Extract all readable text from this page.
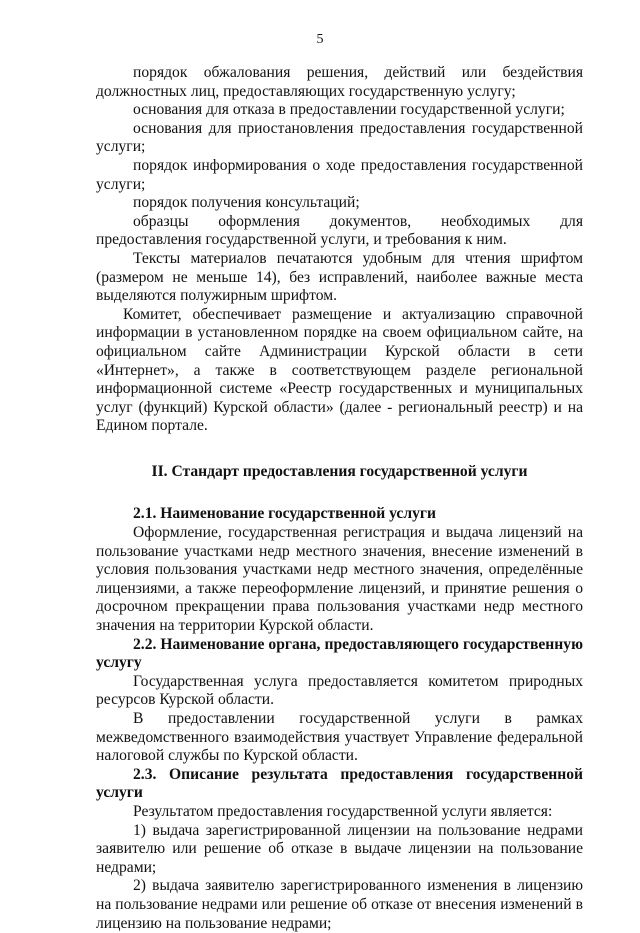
5

порядок обжалования решения, действий или бездействия должностных лиц, предоставляющих государственную услугу;

основания для отказа в предоставлении государственной услуги;

основания для приостановления предоставления государственной услуги;

порядок информирования о ходе предоставления государственной услуги;

порядок получения консультаций;

образцы оформления документов, необходимых для предоставления государственной услуги, и требования к ним.

Тексты материалов печатаются удобным для чтения шрифтом (размером не меньше 14), без исправлений, наиболее важные места выделяются полужирным шрифтом.

Комитет, обеспечивает размещение и актуализацию справочной информации в установленном порядке на своем официальном сайте, на официальном сайте Администрации Курской области в сети «Интернет», а также в соответствующем разделе региональной информационной системе «Реестр государственных и муниципальных услуг (функций) Курской области» (далее - региональный реестр) и на Едином портале.

II. Стандарт предоставления государственной услуги
2.1. Наименование государственной услуги

Оформление, государственная регистрация и выдача лицензий на пользование участками недр местного значения, внесение изменений в условия пользования участками недр местного значения, определённые лицензиями, а также переоформление лицензий, и принятие решения о досрочном прекращении права пользования участками недр местного значения на территории Курской области.

2.2. Наименование органа, предоставляющего государственную услугу

Государственная услуга предоставляется комитетом природных ресурсов Курской области.

В предоставлении государственной услуги в рамках межведомственного взаимодействия участвует Управление федеральной налоговой службы по Курской области.

2.3. Описание результата предоставления государственной услуги

Результатом предоставления государственной услуги является:

1) выдача зарегистрированной лицензии на пользование недрами заявителю или решение об отказе в выдаче лицензии на пользование недрами;

2) выдача заявителю зарегистрированного изменения в лицензию на пользование недрами или решение об отказе от внесения изменений в лицензию на пользование недрами;
